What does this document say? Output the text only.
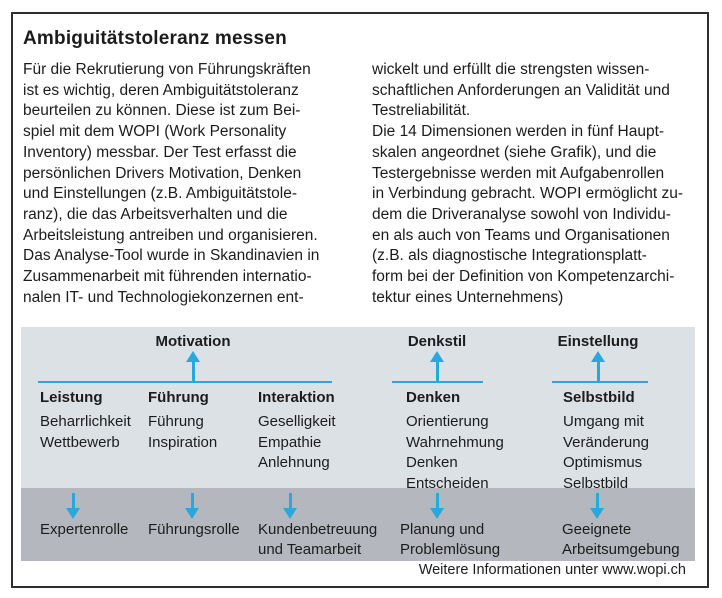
Ambiguitätstoleranz messen
Für die Rekrutierung von Führungskräften
ist es wichtig, deren Ambiguitätstoleranz
beurteilen zu können. Diese ist zum Bei-
spiel mit dem WOPI (Work Personality
Inventory) messbar. Der Test erfasst die
persönlichen Drivers Motivation, Denken
und Einstellungen (z.B. Ambiguitätstole-
ranz), die das Arbeitsverhalten und die
Arbeitsleistung antreiben und organisieren.
Das Analyse-Tool wurde in Skandinavien in
Zusammenarbeit mit führenden internatio-
nalen IT- und Technologiekonzernen ent-
wickelt und erfüllt die strengsten wissen-
schaftlichen Anforderungen an Validität und
Testreliabilität.
Die 14 Dimensionen werden in fünf Haupt-
skalen angeordnet (siehe Grafik), und die
Testergebnisse werden mit Aufgabenrollen
in Verbindung gebracht. WOPI ermöglicht zu-
dem die Driveranalyse sowohl von Individu-
en als auch von Teams und Organisationen
(z.B. als diagnostische Integrationsplatt-
form bei der Definition von Kompetenzarchi-
tektur eines Unternehmens)
Motivation	Denkstil	Einstellung
Leistung
Beharrlichkeit
Wettbewerb
Führung
Führung
Inspiration
Interaktion
Geselligkeit
Empathie
Anlehnung
Denken
Orientierung
Wahrnehmung
Denken
Entscheiden
Selbstbild
Umgang mit
Veränderung
Optimismus
Selbstbild
Expertenrolle Führungsrolle Kundenbetreuung
und Teamarbeit
Planung und
Problemlösung
Geeignete
Arbeitsumgebung
Weitere Informationen unter www.wopi.ch
